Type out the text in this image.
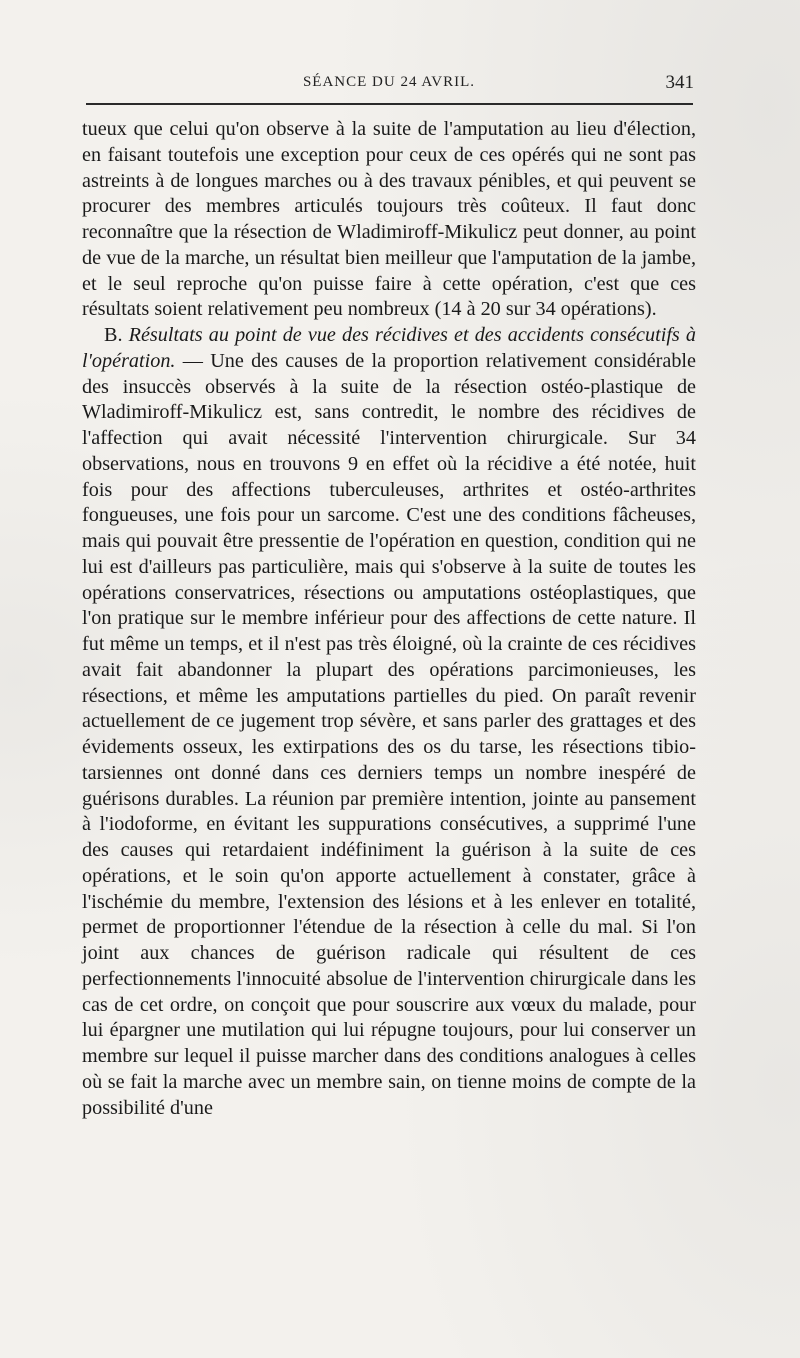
SÉANCE DU 24 AVRIL.	341

tueux que celui qu'on observe à la suite de l'amputation au lieu d'élection, en faisant toutefois une exception pour ceux de ces opérés qui ne sont pas astreints à de longues marches ou à des travaux pénibles, et qui peuvent se procurer des membres articulés toujours très coûteux. Il faut donc reconnaître que la résection de Wladimiroff-Mikulicz peut donner, au point de vue de la marche, un résultat bien meilleur que l'amputation de la jambe, et le seul reproche qu'on puisse faire à cette opération, c'est que ces résultats soient relativement peu nombreux (14 à 20 sur 34 opérations).

B. Résultats au point de vue des récidives et des accidents consécutifs à l'opération. — Une des causes de la proportion relativement considérable des insuccès observés à la suite de la résection ostéo-plastique de Wladimiroff-Mikulicz est, sans contredit, le nombre des récidives de l'affection qui avait nécessité l'intervention chirurgicale. Sur 34 observations, nous en trouvons 9 en effet où la récidive a été notée, huit fois pour des affections tuberculeuses, arthrites et ostéo-arthrites fongueuses, une fois pour un sarcome. C'est une des conditions fâcheuses, mais qui pouvait être pressentie de l'opération en question, condition qui ne lui est d'ailleurs pas particulière, mais qui s'observe à la suite de toutes les opérations conservatrices, résections ou amputations ostéoplastiques, que l'on pratique sur le membre inférieur pour des affections de cette nature. Il fut même un temps, et il n'est pas très éloigné, où la crainte de ces récidives avait fait abandonner la plupart des opérations parcimonieuses, les résections, et même les amputations partielles du pied. On paraît revenir actuellement de ce jugement trop sévère, et sans parler des grattages et des évidements osseux, les extirpations des os du tarse, les résections tibio-tarsiennes ont donné dans ces derniers temps un nombre inespéré de guérisons durables. La réunion par première intention, jointe au pansement à l'iodoforme, en évitant les suppurations consécutives, a supprimé l'une des causes qui retardaient indéfiniment la guérison à la suite de ces opérations, et le soin qu'on apporte actuellement à constater, grâce à l'ischémie du membre, l'extension des lésions et à les enlever en totalité, permet de proportionner l'étendue de la résection à celle du mal. Si l'on joint aux chances de guérison radicale qui résultent de ces perfectionnements l'innocuité absolue de l'intervention chirurgicale dans les cas de cet ordre, on conçoit que pour souscrire aux vœux du malade, pour lui épargner une mutilation qui lui répugne toujours, pour lui conserver un membre sur lequel il puisse marcher dans des conditions analogues à celles où se fait la marche avec un membre sain, on tienne moins de compte de la possibilité d'une
